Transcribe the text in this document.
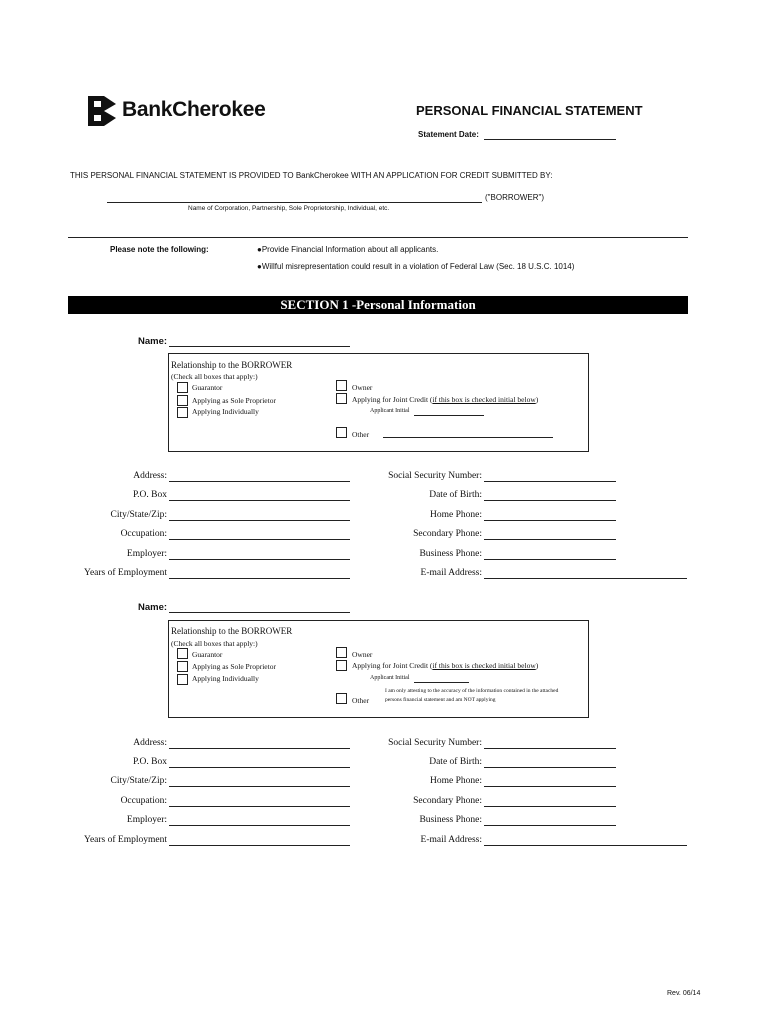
BankCherokee	PERSONAL FINANCIAL STATEMENT
Statement Date:
THIS PERSONAL FINANCIAL STATEMENT IS PROVIDED TO BankCherokee WITH AN APPLICATION FOR CREDIT SUBMITTED BY:
("BORROWER")
Name of Corporation, Partnership, Sole Proprietorship, Individual, etc.
Please note the following:	●Provide Financial Information about all applicants.
●Willful misrepresentation could result in a violation of Federal Law (Sec. 18 U.S.C. 1014)
SECTION 1 -Personal Information
Name:
Relationship to the BORROWER
(Check all boxes that apply:)
Guarantor
Applying as Sole Proprietor
Applying Individually
Owner
Applying for Joint Credit (if this box is checked initial below)
Applicant Initial
Other
Address:
P.O. Box
City/State/Zip:
Occupation:
Employer:
Years of Employment
Social Security Number:
Date of Birth:
Home Phone:
Secondary Phone:
Business Phone:
E-mail Address:
Name:
Relationship to the BORROWER
(Check all boxes that apply:)
Guarantor
Applying as Sole Proprietor
Applying Individually
Owner
Applying for Joint Credit (if this box is checked initial below)
Applicant Initial
Other
I am only attesting to the accuracy of the information contained in the attached
persons financial statement and am NOT applying
Address:
P.O. Box
City/State/Zip:
Occupation:
Employer:
Years of Employment
Social Security Number:
Date of Birth:
Home Phone:
Secondary Phone:
Business Phone:
E-mail Address:
Rev. 06/14
